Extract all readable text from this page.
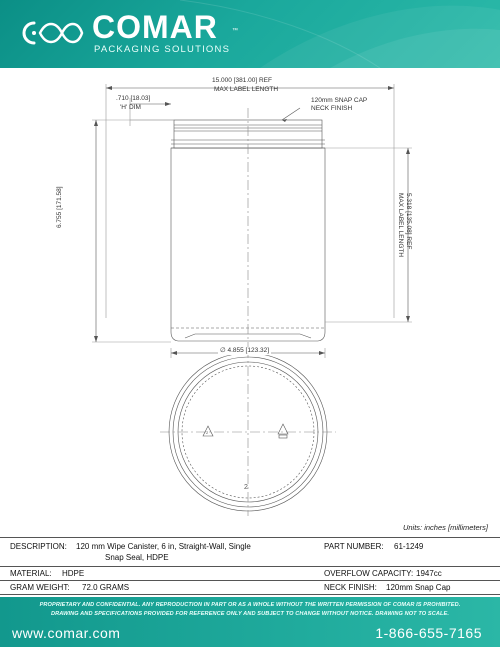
COMAR ™
PACKAGING SOLUTIONS
15.000 [381.00] REF
MAX LABEL LENGTH
.710 [18.03]
'H' DIM
120mm SNAP CAP
NECK FINISH
6.755 [171.58]	5.318 [135.08] REF
MAX LABEL LENGTH
∅ 4.855 [123.32]
2
2
Units: inches [millimeters]
DESCRIPTION: 120 mm Wipe Canister, 6 in, Straight-Wall, Single
Snap Seal, HDPE
PART NUMBER: 61-1249
MATERIAL: HDPE	OVERFLOW CAPACITY: 1947cc
GRAM WEIGHT: 72.0 GRAMS	NECK FINISH: 120mm Snap Cap
PROPRIETARY AND CONFIDENTIAL. ANY REPRODUCTION IN PART OR AS A WHOLE WITHOUT THE WRITTEN PERMISSION OF COMAR IS PROHIBITED.
DRAWING AND SPECIFICATIONS PROVIDED FOR REFERENCE ONLY AND SUBJECT TO CHANGE WITHOUT NOTICE. DRAWING NOT TO SCALE.
www.comar.com	1-866-655-7165
